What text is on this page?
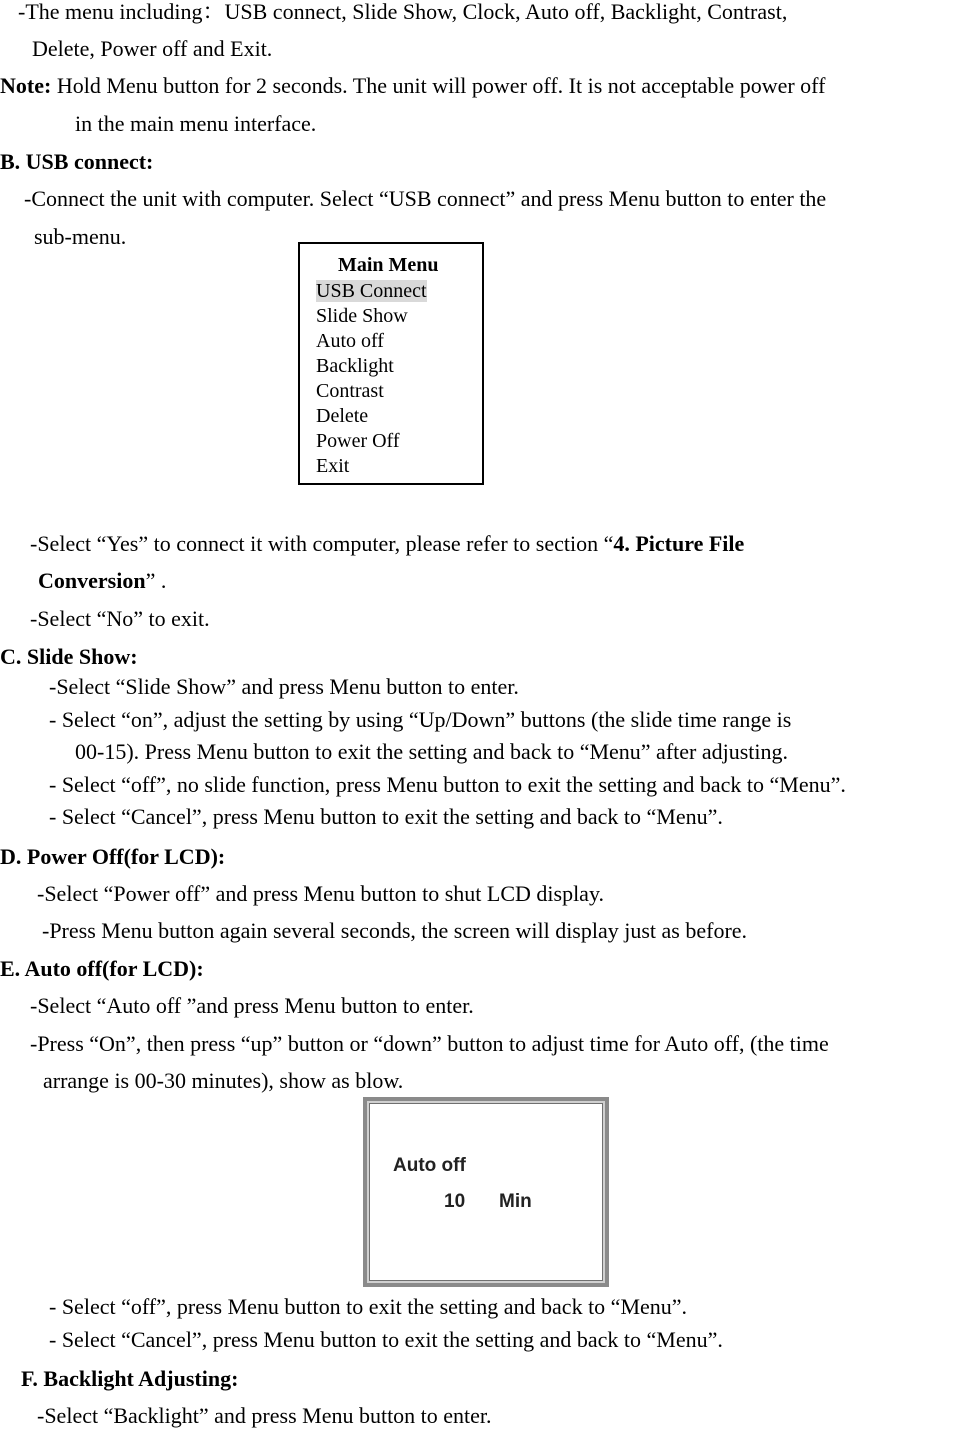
-The menu including：USB connect, Slide Show, Clock, Auto off, Backlight, Contrast,
Delete, Power off and Exit.
Note: Hold Menu button for 2 seconds. The unit will power off. It is not acceptable power off
in the main menu interface.
B. USB connect:
-Connect the unit with computer. Select “USB connect” and press Menu button to enter the
sub-menu.
Main Menu
USB Connect
Slide Show
Auto off
Backlight
Contrast
Delete
Power Off
Exit
-Select “Yes” to connect it with computer, please refer to section “4. Picture File
Conversion” .
-Select “No” to exit.
C. Slide Show:
-Select “Slide Show” and press Menu button to enter.
- Select “on”, adjust the setting by using “Up/Down” buttons (the slide time range is
00-15). Press Menu button to exit the setting and back to “Menu” after adjusting.
- Select “off”, no slide function, press Menu button to exit the setting and back to “Menu”.
- Select “Cancel”, press Menu button to exit the setting and back to “Menu”.
D. Power Off(for LCD):
-Select “Power off” and press Menu button to shut LCD display.
-Press Menu button again several seconds, the screen will display just as before.
E. Auto off(for LCD):
-Select “Auto off ”and press Menu button to enter.
-Press “On”, then press “up” button or “down” button to adjust time for Auto off, (the time
arrange is 00-30 minutes), show as blow.
Auto off
10 Min
- Select “off”, press Menu button to exit the setting and back to “Menu”.
- Select “Cancel”, press Menu button to exit the setting and back to “Menu”.
F. Backlight Adjusting:
-Select “Backlight” and press Menu button to enter.
